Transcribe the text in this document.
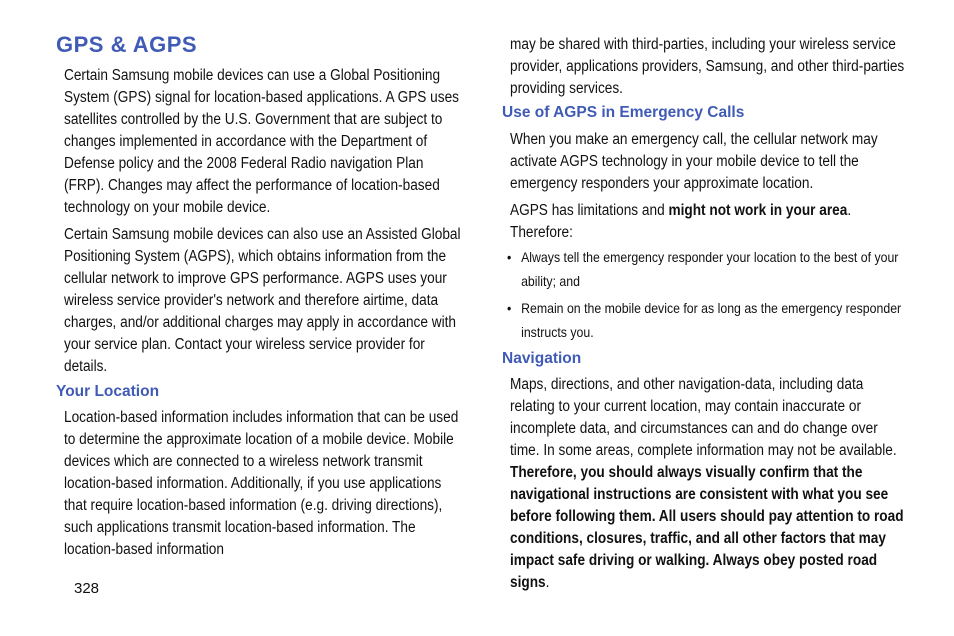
GPS & AGPS

Certain Samsung mobile devices can use a Global Positioning System (GPS) signal for location-based applications. A GPS uses satellites controlled by the U.S. Government that are subject to changes implemented in accordance with the Department of Defense policy and the 2008 Federal Radio navigation Plan (FRP). Changes may affect the performance of location-based technology on your mobile device.

Certain Samsung mobile devices can also use an Assisted Global Positioning System (AGPS), which obtains information from the cellular network to improve GPS performance. AGPS uses your wireless service provider's network and therefore airtime, data charges, and/or additional charges may apply in accordance with your service plan. Contact your wireless service provider for details.

Your Location

Location-based information includes information that can be used to determine the approximate location of a mobile device. Mobile devices which are connected to a wireless network transmit location-based information. Additionally, if you use applications that require location-based information (e.g. driving directions), such applications transmit location-based information. The location-based information

may be shared with third-parties, including your wireless service provider, applications providers, Samsung, and other third-parties providing services.

Use of AGPS in Emergency Calls

When you make an emergency call, the cellular network may activate AGPS technology in your mobile device to tell the emergency responders your approximate location.

AGPS has limitations and might not work in your area. Therefore:

• Always tell the emergency responder your location to the best of your ability; and
• Remain on the mobile device for as long as the emergency responder instructs you.
Navigation

Maps, directions, and other navigation-data, including data relating to your current location, may contain inaccurate or incomplete data, and circumstances can and do change over time. In some areas, complete information may not be available. Therefore, you should always visually confirm that the navigational instructions are consistent with what you see before following them. All users should pay attention to road conditions, closures, traffic, and all other factors that may impact safe driving or walking. Always obey posted road signs.

328
